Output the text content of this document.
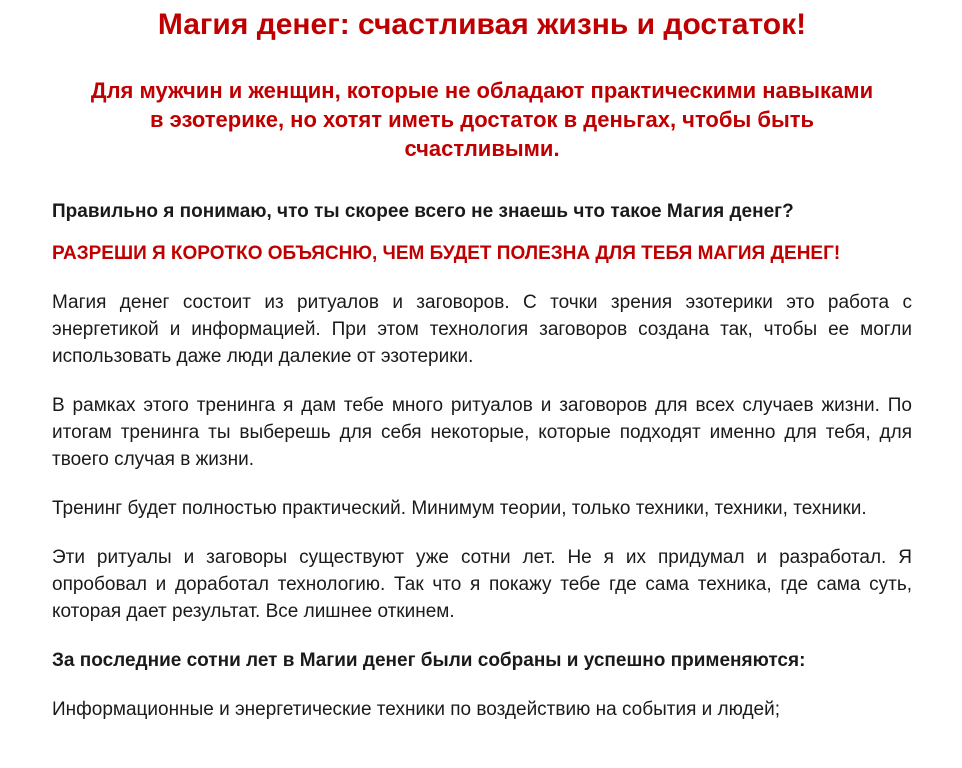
Магия денег: счастливая жизнь и достаток!

Для мужчин и женщин, которые не обладают практическими навыками в эзотерике, но хотят иметь достаток в деньгах, чтобы быть счастливыми.

Правильно я понимаю, что ты скорее всего не знаешь что такое Магия денег?

РАЗРЕШИ Я КОРОТКО ОБЪЯСНЮ, ЧЕМ БУДЕТ ПОЛЕЗНА ДЛЯ ТЕБЯ МАГИЯ ДЕНЕГ!

Магия денег состоит из ритуалов и заговоров. С точки зрения эзотерики это работа с энергетикой и информацией. При этом технология заговоров создана так, чтобы ее могли использовать даже люди далекие от эзотерики.

В рамках этого тренинга я дам тебе много ритуалов и заговоров для всех случаев жизни. По итогам тренинга ты выберешь для себя некоторые, которые подходят именно для тебя, для твоего случая в жизни.

Тренинг будет полностью практический. Минимум теории, только техники, техники, техники.

Эти ритуалы и заговоры существуют уже сотни лет. Не я их придумал и разработал. Я опробовал и доработал технологию. Так что я покажу тебе где сама техника, где сама суть, которая дает результат. Все лишнее откинем.

За последние сотни лет в Магии денег были собраны и успешно применяются:

Информационные и энергетические техники по воздействию на события и людей;
